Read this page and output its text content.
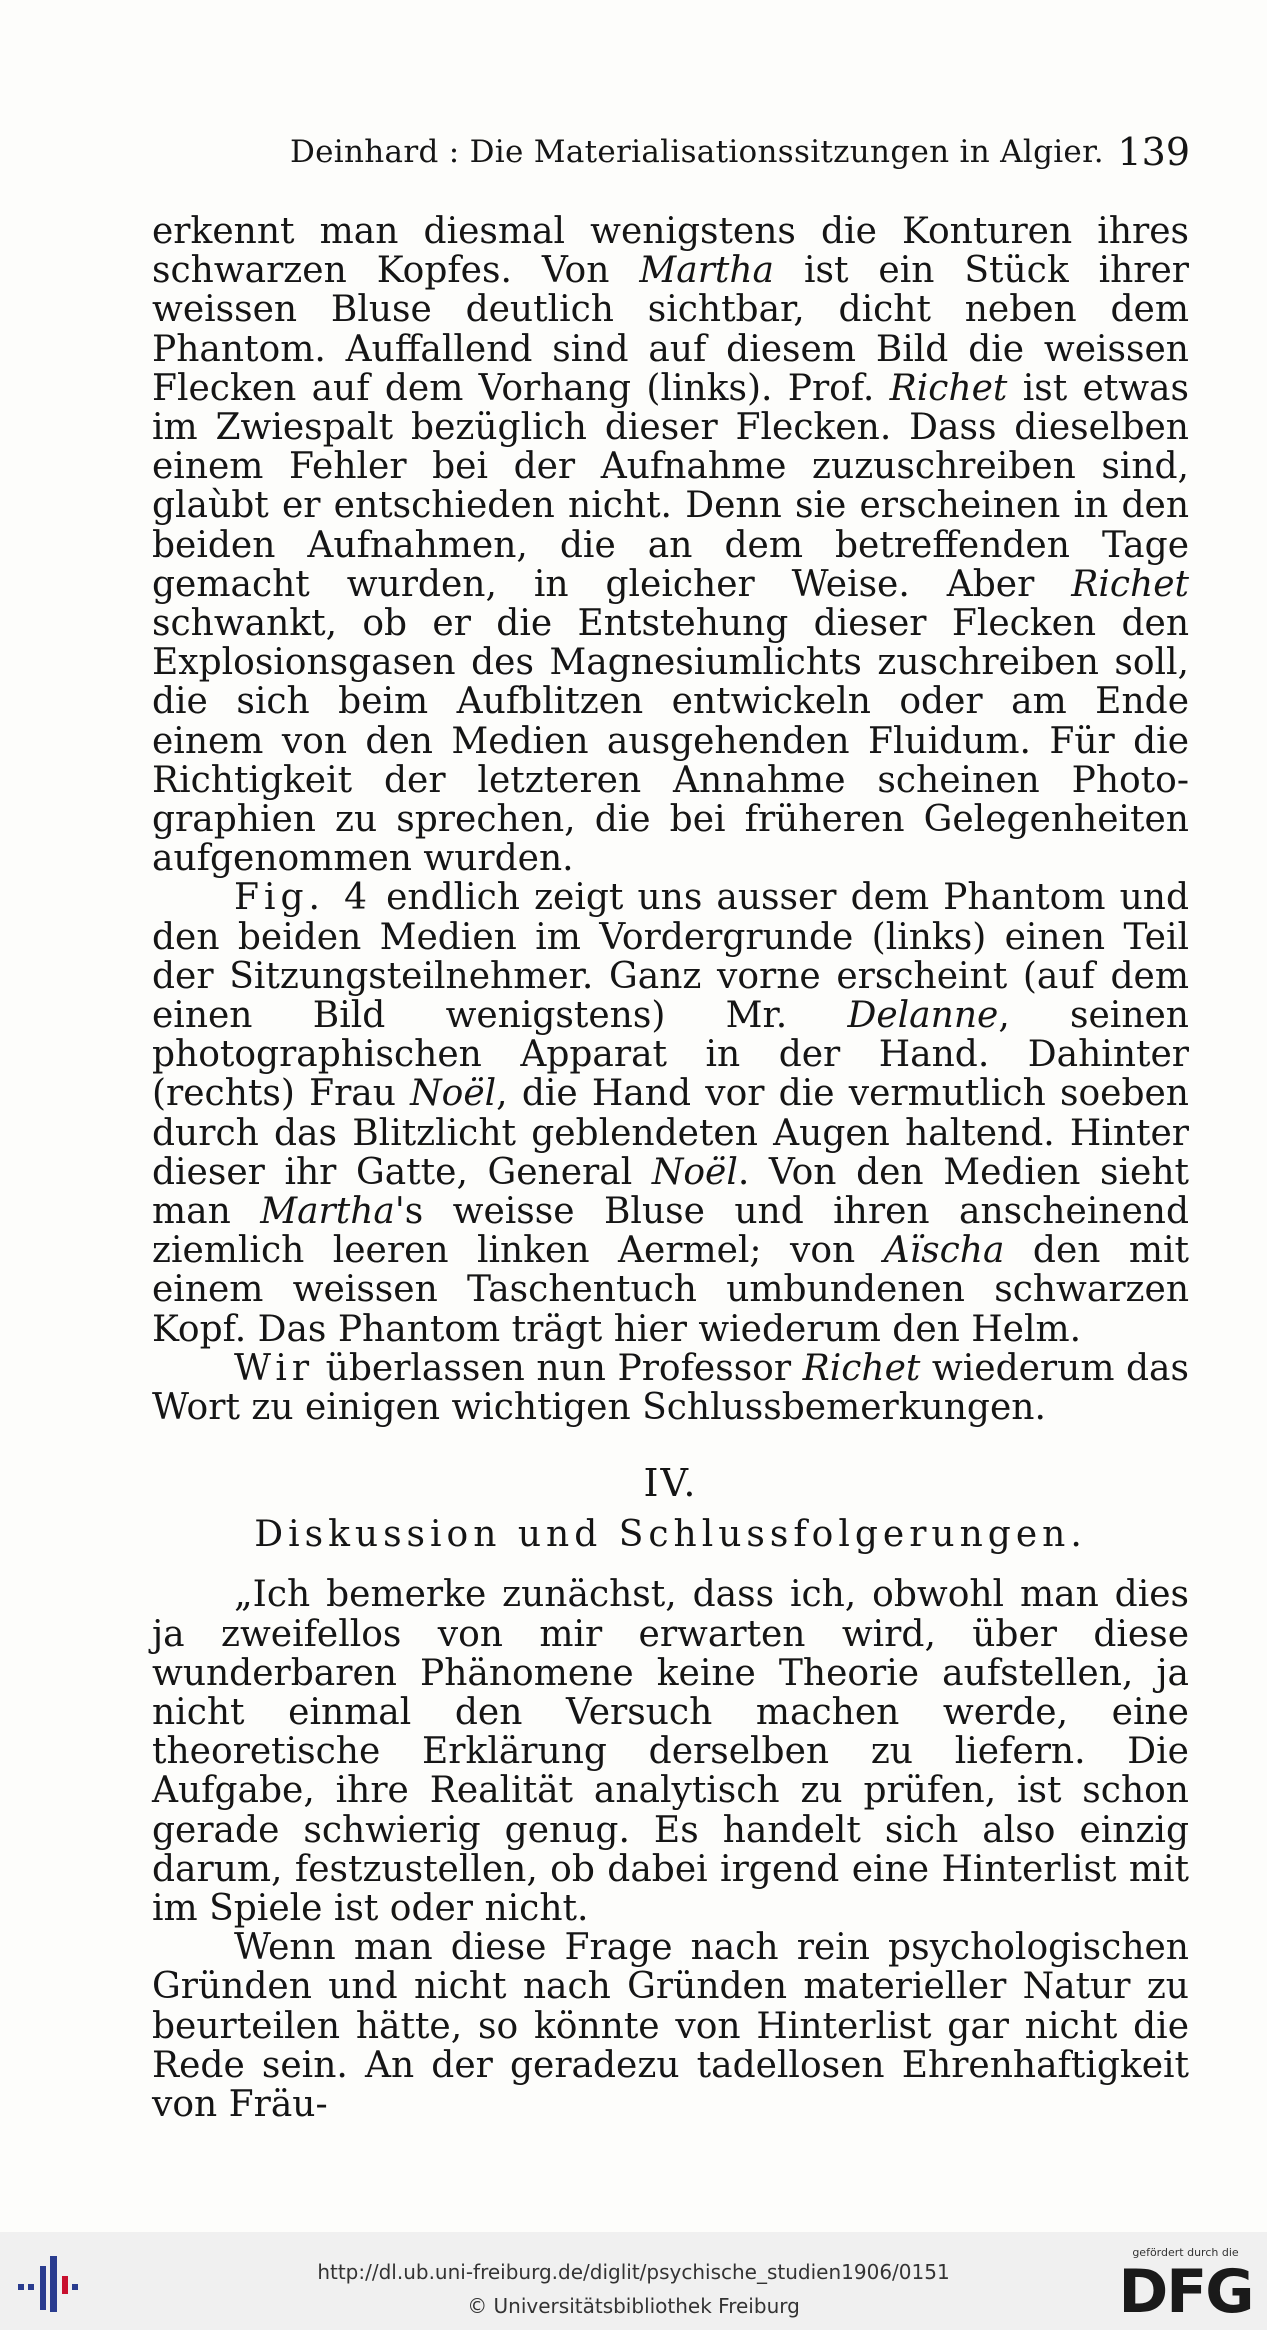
Deinhard : Die Materialisationssitzungen in Algier. 139

erkennt man diesmal wenigstens die Konturen ihres schwarzen Kopfes. Von Martha ist ein Stück ihrer weissen Bluse deutlich sichtbar, dicht neben dem Phantom. Auffallend sind auf diesem Bild die weissen Flecken auf dem Vorhang (links). Prof. Richet ist etwas im Zwiespalt bezüglich dieser Flecken. Dass dieselben einem Fehler bei der Aufnahme zuzuschreiben sind, glaùbt er entschieden nicht. Denn sie erscheinen in den beiden Aufnahmen, die an dem betreffenden Tage gemacht wurden, in gleicher Weise. Aber Richet schwankt, ob er die Entstehung dieser Flecken den Explosionsgasen des Magnesiumlichts zuschreiben soll, die sich beim Aufblitzen entwickeln oder am Ende einem von den Medien ausgehenden Fluidum. Für die Richtigkeit der letzteren Annahme scheinen Photographien zu sprechen, die bei früheren Gelegenheiten aufgenommen wurden.

Fig. 4 endlich zeigt uns ausser dem Phantom und den beiden Medien im Vordergrunde (links) einen Teil der Sitzungsteilnehmer. Ganz vorne erscheint (auf dem einen Bild wenigstens) Mr. Delanne, seinen photographischen Apparat in der Hand. Dahinter (rechts) Frau Noël, die Hand vor die vermutlich soeben durch das Blitzlicht geblendeten Augen haltend. Hinter dieser ihr Gatte, General Noël. Von den Medien sieht man Martha's weisse Bluse und ihren anscheinend ziemlich leeren linken Aermel; von Aïscha den mit einem weissen Taschentuch umbundenen schwarzen Kopf. Das Phantom trägt hier wiederum den Helm.

Wir überlassen nun Professor Richet wiederum das Wort zu einigen wichtigen Schlussbemerkungen.

IV.
Diskussion und Schlussfolgerungen.

„Ich bemerke zunächst, dass ich, obwohl man dies ja zweifellos von mir erwarten wird, über diese wunderbaren Phänomene keine Theorie aufstellen, ja nicht einmal den Versuch machen werde, eine theoretische Erklärung derselben zu liefern. Die Aufgabe, ihre Realität analytisch zu prüfen, ist schon gerade schwierig genug. Es handelt sich also einzig darum, festzustellen, ob dabei irgend eine Hinterlist mit im Spiele ist oder nicht.

Wenn man diese Frage nach rein psychologischen Gründen und nicht nach Gründen materieller Natur zu beurteilen hätte, so könnte von Hinterlist gar nicht die Rede sein. An der geradezu tadellosen Ehrenhaftigkeit von Fräu-

http://dl.ub.uni-freiburg.de/diglit/psychische_studien1906/0151
© Universitätsbibliothek Freiburg
gefördert durch die
DFG
